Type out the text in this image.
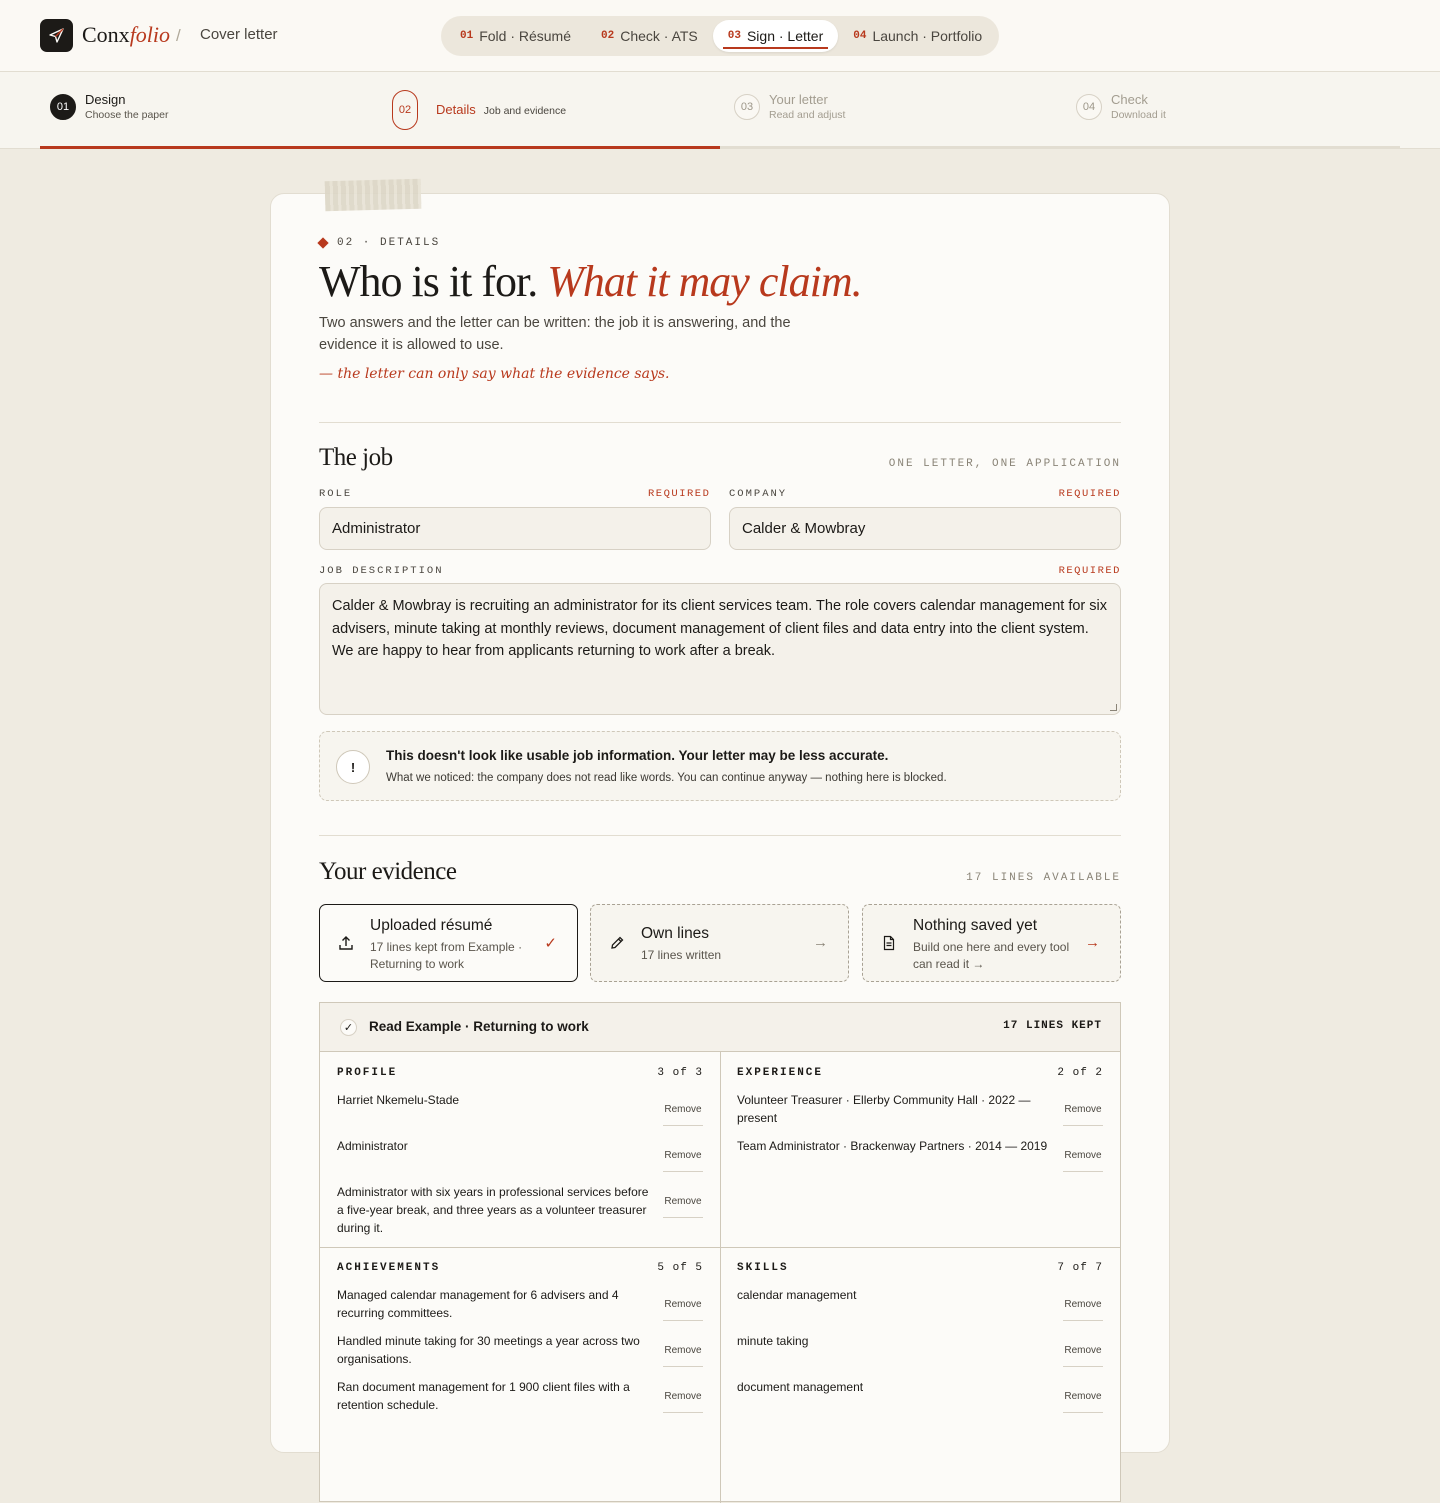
Conxfolio / Cover letter	01 Fold · Résumé	02 Check · ATS	03 Sign · Letter	04 Launch · Portfolio
01	Design
Choose the paper	02	Details Job and evidence	03	Your letter
Read and adjust
04	Check
Download it
02 · DETAILS
Who is it for. What it may claim.
Two answers and the letter can be written: the job it is answering, and the evidence it is allowed to use.
— the letter can only say what the evidence says.
The job	ONE LETTER, ONE APPLICATION
ROLE	REQUIRED
Administrator
COMPANY	REQUIRED
Calder & Mowbray
JOB DESCRIPTION	REQUIRED
Calder & Mowbray is recruiting an administrator for its client services team. The role covers calendar management for six advisers, minute taking at monthly reviews, document management of client files and data entry into the client system. We are happy to hear from applicants returning to work after a break.
!
This doesn't look like usable job information. Your letter may be less accurate.
What we noticed: the company does not read like words. You can continue anyway — nothing here is blocked.
Your evidence	17 LINES AVAILABLE
Uploaded résumé
17 lines kept from Example · Returning to work
✓
Own lines
17 lines written
→
Nothing saved yet
Build one here and every tool can read it →
→
✓ Read Example · Returning to work	17 LINES KEPT
PROFILE	3 of 3
Harriet Nkemelu-Stade
Remove
Administrator
Remove
Administrator with six years in professional services before a five-year break, and three years as a volunteer treasurer during it.
Remove
EXPERIENCE	2 of 2
Volunteer Treasurer · Ellerby Community Hall · 2022 — present
Remove
Team Administrator · Brackenway Partners · 2014 — 2019
Remove
ACHIEVEMENTS	5 of 5
Managed calendar management for 6 advisers and 4 recurring committees.
Remove
Handled minute taking for 30 meetings a year across two organisations.
Remove
Ran document management for 1 900 client files with a retention schedule.
Remove
SKILLS	7 of 7
calendar management
Remove
minute taking
Remove
document management
Remove
